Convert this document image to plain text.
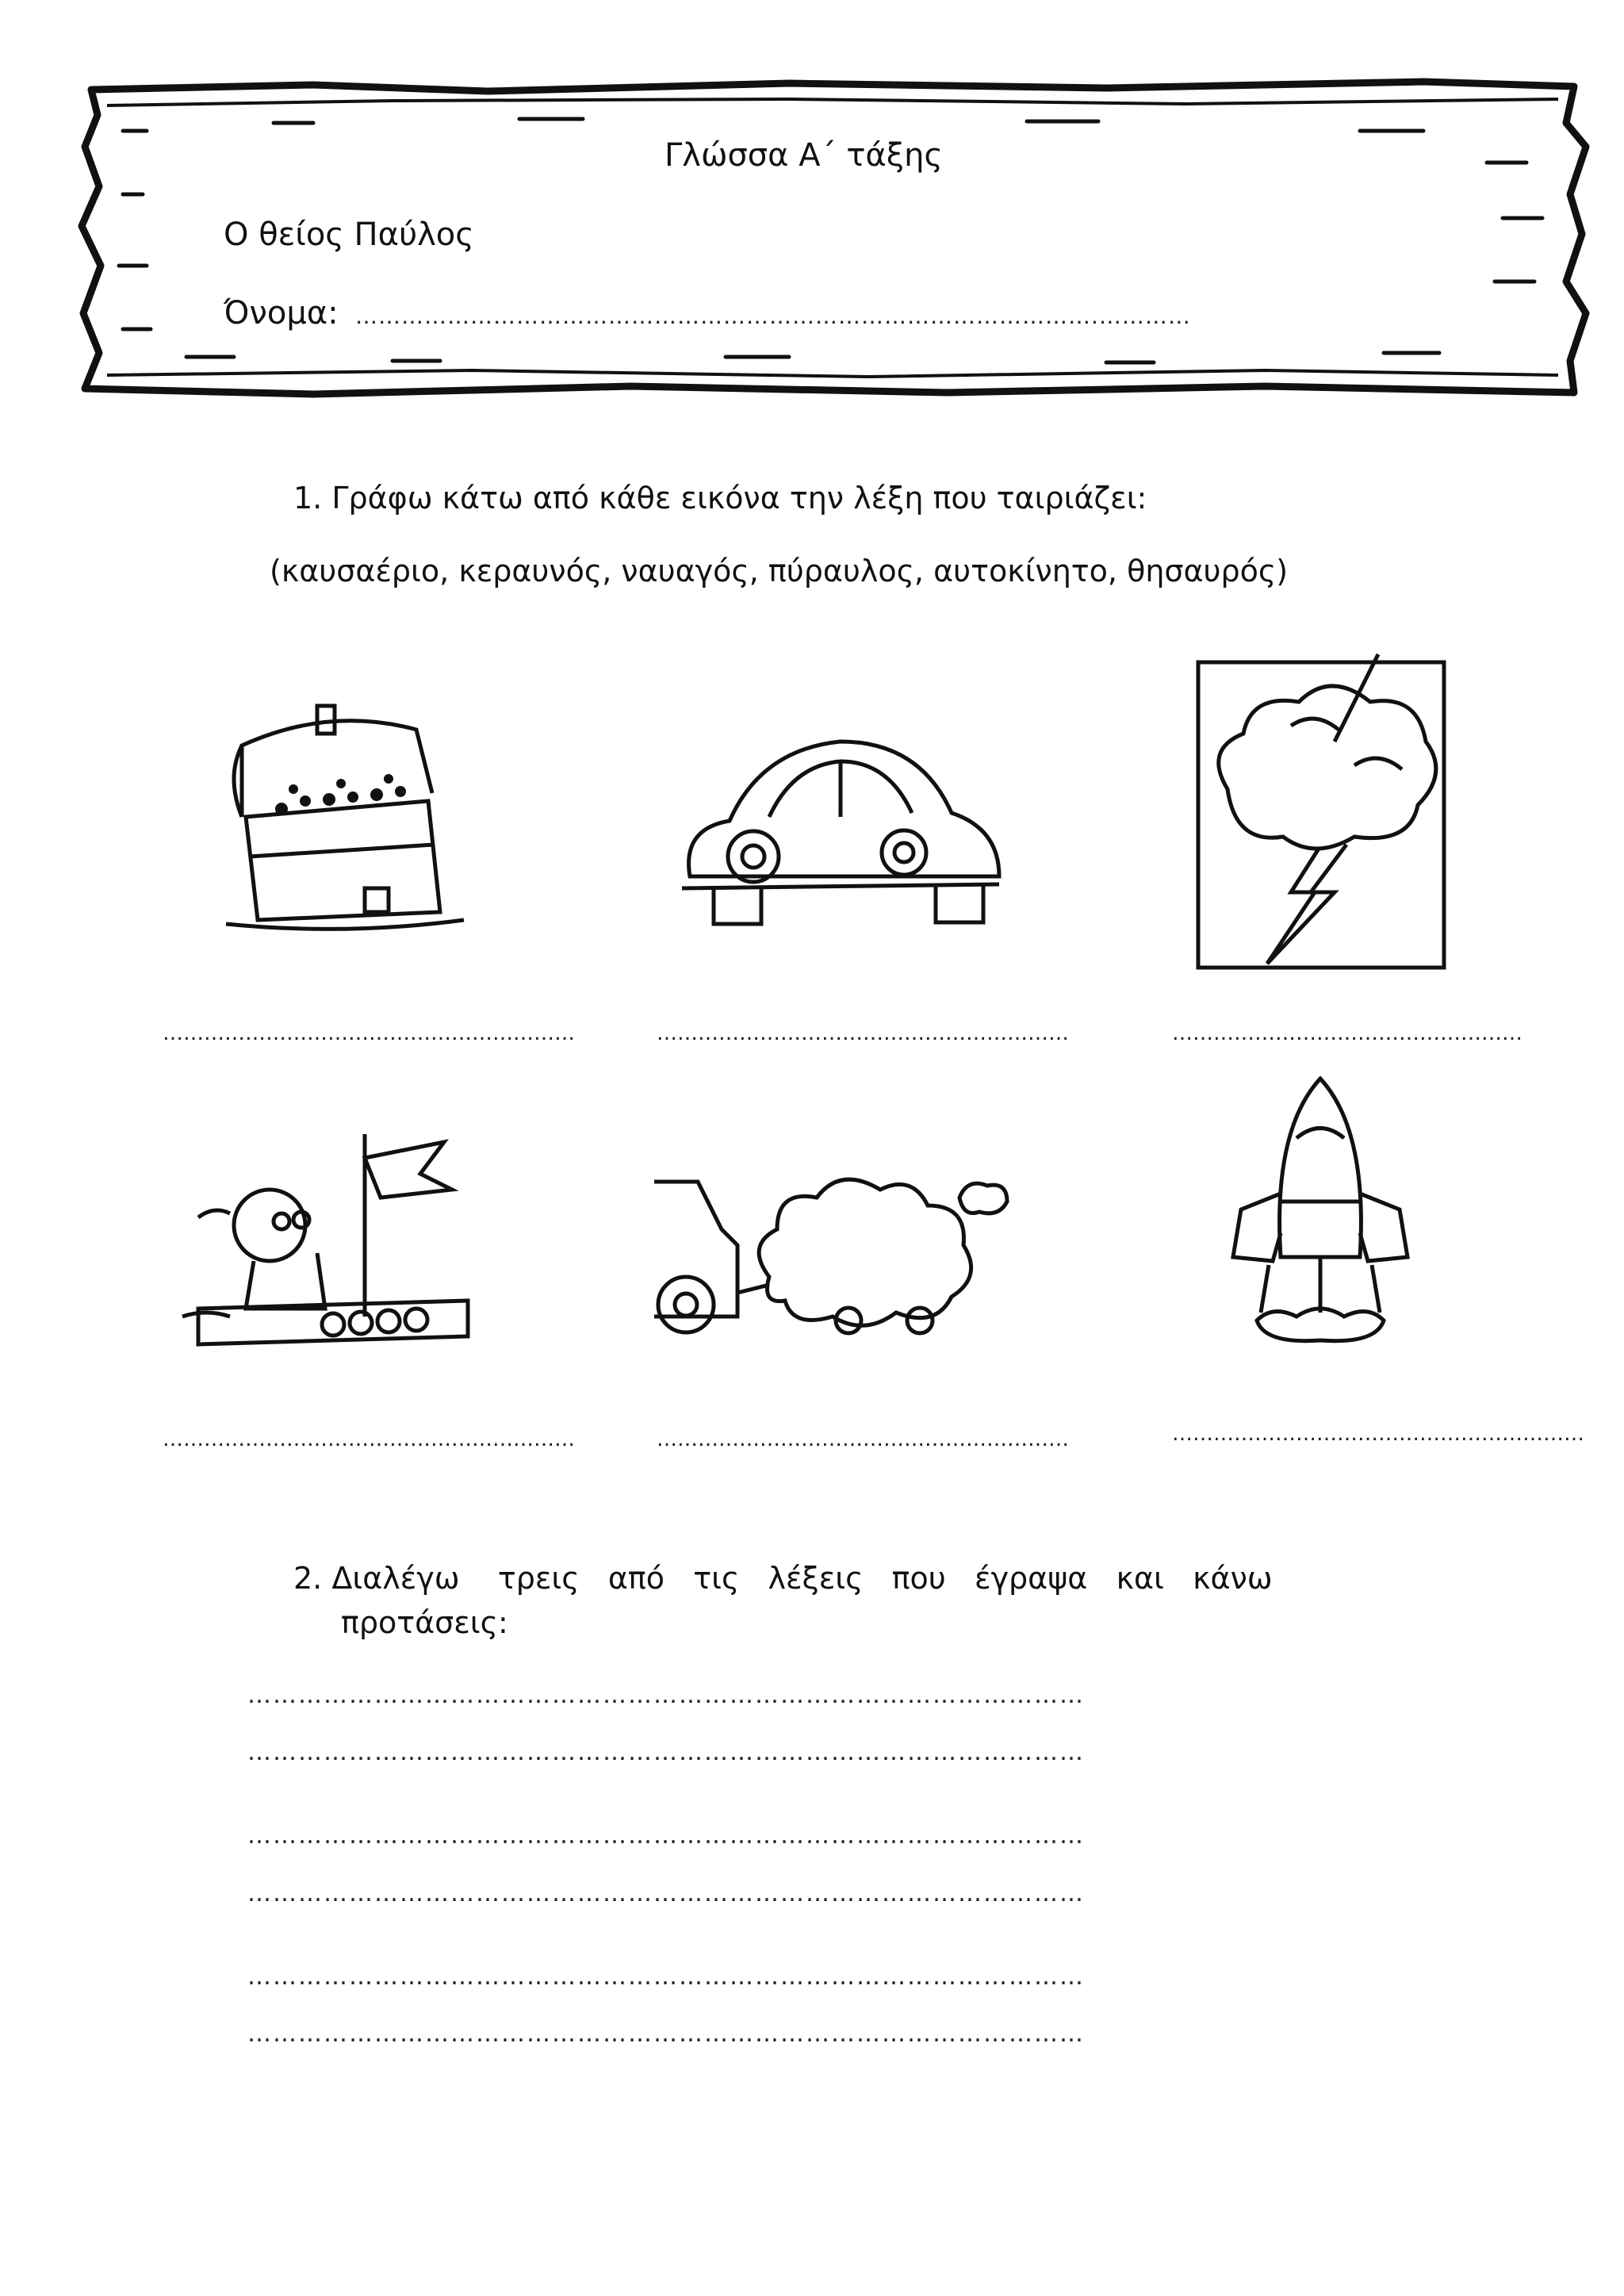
Γλώσσα Α΄ τάξης
Ο θείος Παύλος
Όνομα: …………………………………………………………………………………….…………
1. Γράφω κάτω από κάθε εικόνα την λέξη που ταιριάζει:
(καυσαέριο, κεραυνός, ναυαγός, πύραυλος, αυτοκίνητο, θησαυρός)
……………………………………………………	……………………………………………………	……………………………………………
……………………………………………………	……………………………………………………	……………………………………………………
2. Διαλέγω    τρεις   από   τις   λέξεις   που   έγραψα   και   κάνω
προτάσεις:
………………………………………………………………………………………
………………………………………………………………………………………
………………………………………………………………………………………
………………………………………………………………………………………
………………………………………………………………………………………
………………………………………………………………………………………
